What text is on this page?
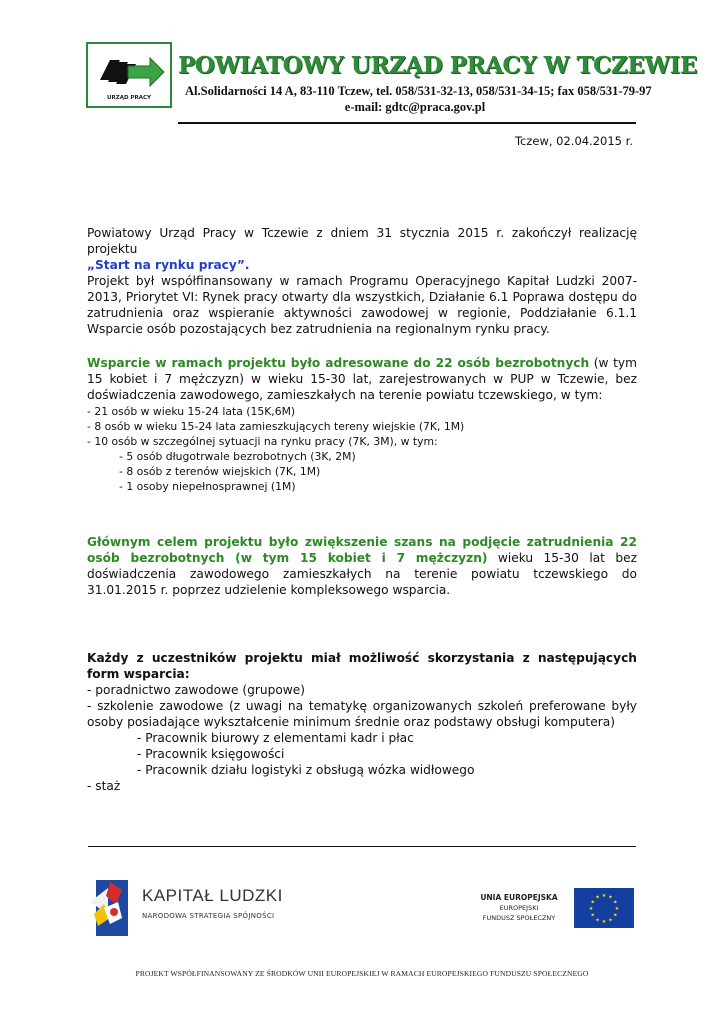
URZĄD PRACY
POWIATOWY URZĄD PRACY W TCZEWIE
Al.Solidarności 14 A, 83-110 Tczew, tel. 058/531-32-13, 058/531-34-15; fax 058/531-79-97
e-mail: gdtc@praca.gov.pl
Tczew, 02.04.2015 r.

Powiatowy Urząd Pracy w Tczewie z dniem 31 stycznia 2015 r. zakończył realizację projektu

„Start na rynku pracy”.

Projekt był współfinansowany w ramach Programu Operacyjnego Kapitał Ludzki 2007-2013, Priorytet VI: Rynek pracy otwarty dla wszystkich, Działanie 6.1 Poprawa dostępu do zatrudnienia oraz wspieranie aktywności zawodowej w regionie, Poddziałanie 6.1.1 Wsparcie osób pozostających bez zatrudnienia na regionalnym rynku pracy.

Wsparcie w ramach projektu było adresowane do 22 osób bezrobotnych (w tym 15 kobiet i 7 mężczyzn) w wieku 15-30 lat, zarejestrowanych w PUP w Tczewie, bez doświadczenia zawodowego, zamieszkałych na terenie powiatu tczewskiego, w tym:

- 21 osób w wieku 15-24 lata (15K,6M)

- 8 osób w wieku 15-24 lata zamieszkujących tereny wiejskie (7K, 1M)

- 10 osób w szczególnej sytuacji na rynku pracy (7K, 3M), w tym:

- 5 osób długotrwale bezrobotnych (3K, 2M)

- 8 osób z terenów wiejskich (7K, 1M)

- 1 osoby niepełnosprawnej (1M)

Głównym celem projektu było zwiększenie szans na podjęcie zatrudnienia 22 osób bezrobotnych (w tym 15 kobiet i 7 mężczyzn) wieku 15-30 lat bez doświadczenia zawodowego zamieszkałych na terenie powiatu tczewskiego do 31.01.2015 r. poprzez udzielenie kompleksowego wsparcia.

Każdy z uczestników projektu miał możliwość skorzystania z następujących form wsparcia:

- poradnictwo zawodowe (grupowe)

- szkolenie zawodowe (z uwagi na tematykę organizowanych szkoleń preferowane były osoby posiadające wykształcenie minimum średnie oraz podstawy obsługi komputera)

- Pracownik biurowy z elementami kadr i płac

- Pracownik księgowości

- Pracownik działu logistyki z obsługą wózka widłowego

- staż

KAPITAŁ LUDZKI
NARODOWA STRATEGIA SPÓJNOŚCI
UNIA EUROPEJSKA
EUROPEJSKI
FUNDUSZ SPOŁECZNY
★ ★
★
★
★
★
★
★
★
★
★
★
PROJEKT WSPÓŁFINANSOWANY ZE ŚRODKÓW UNII EUROPEJSKIEJ W RAMACH EUROPEJSKIEGO FUNDUSZU SPOŁECZNEGO
